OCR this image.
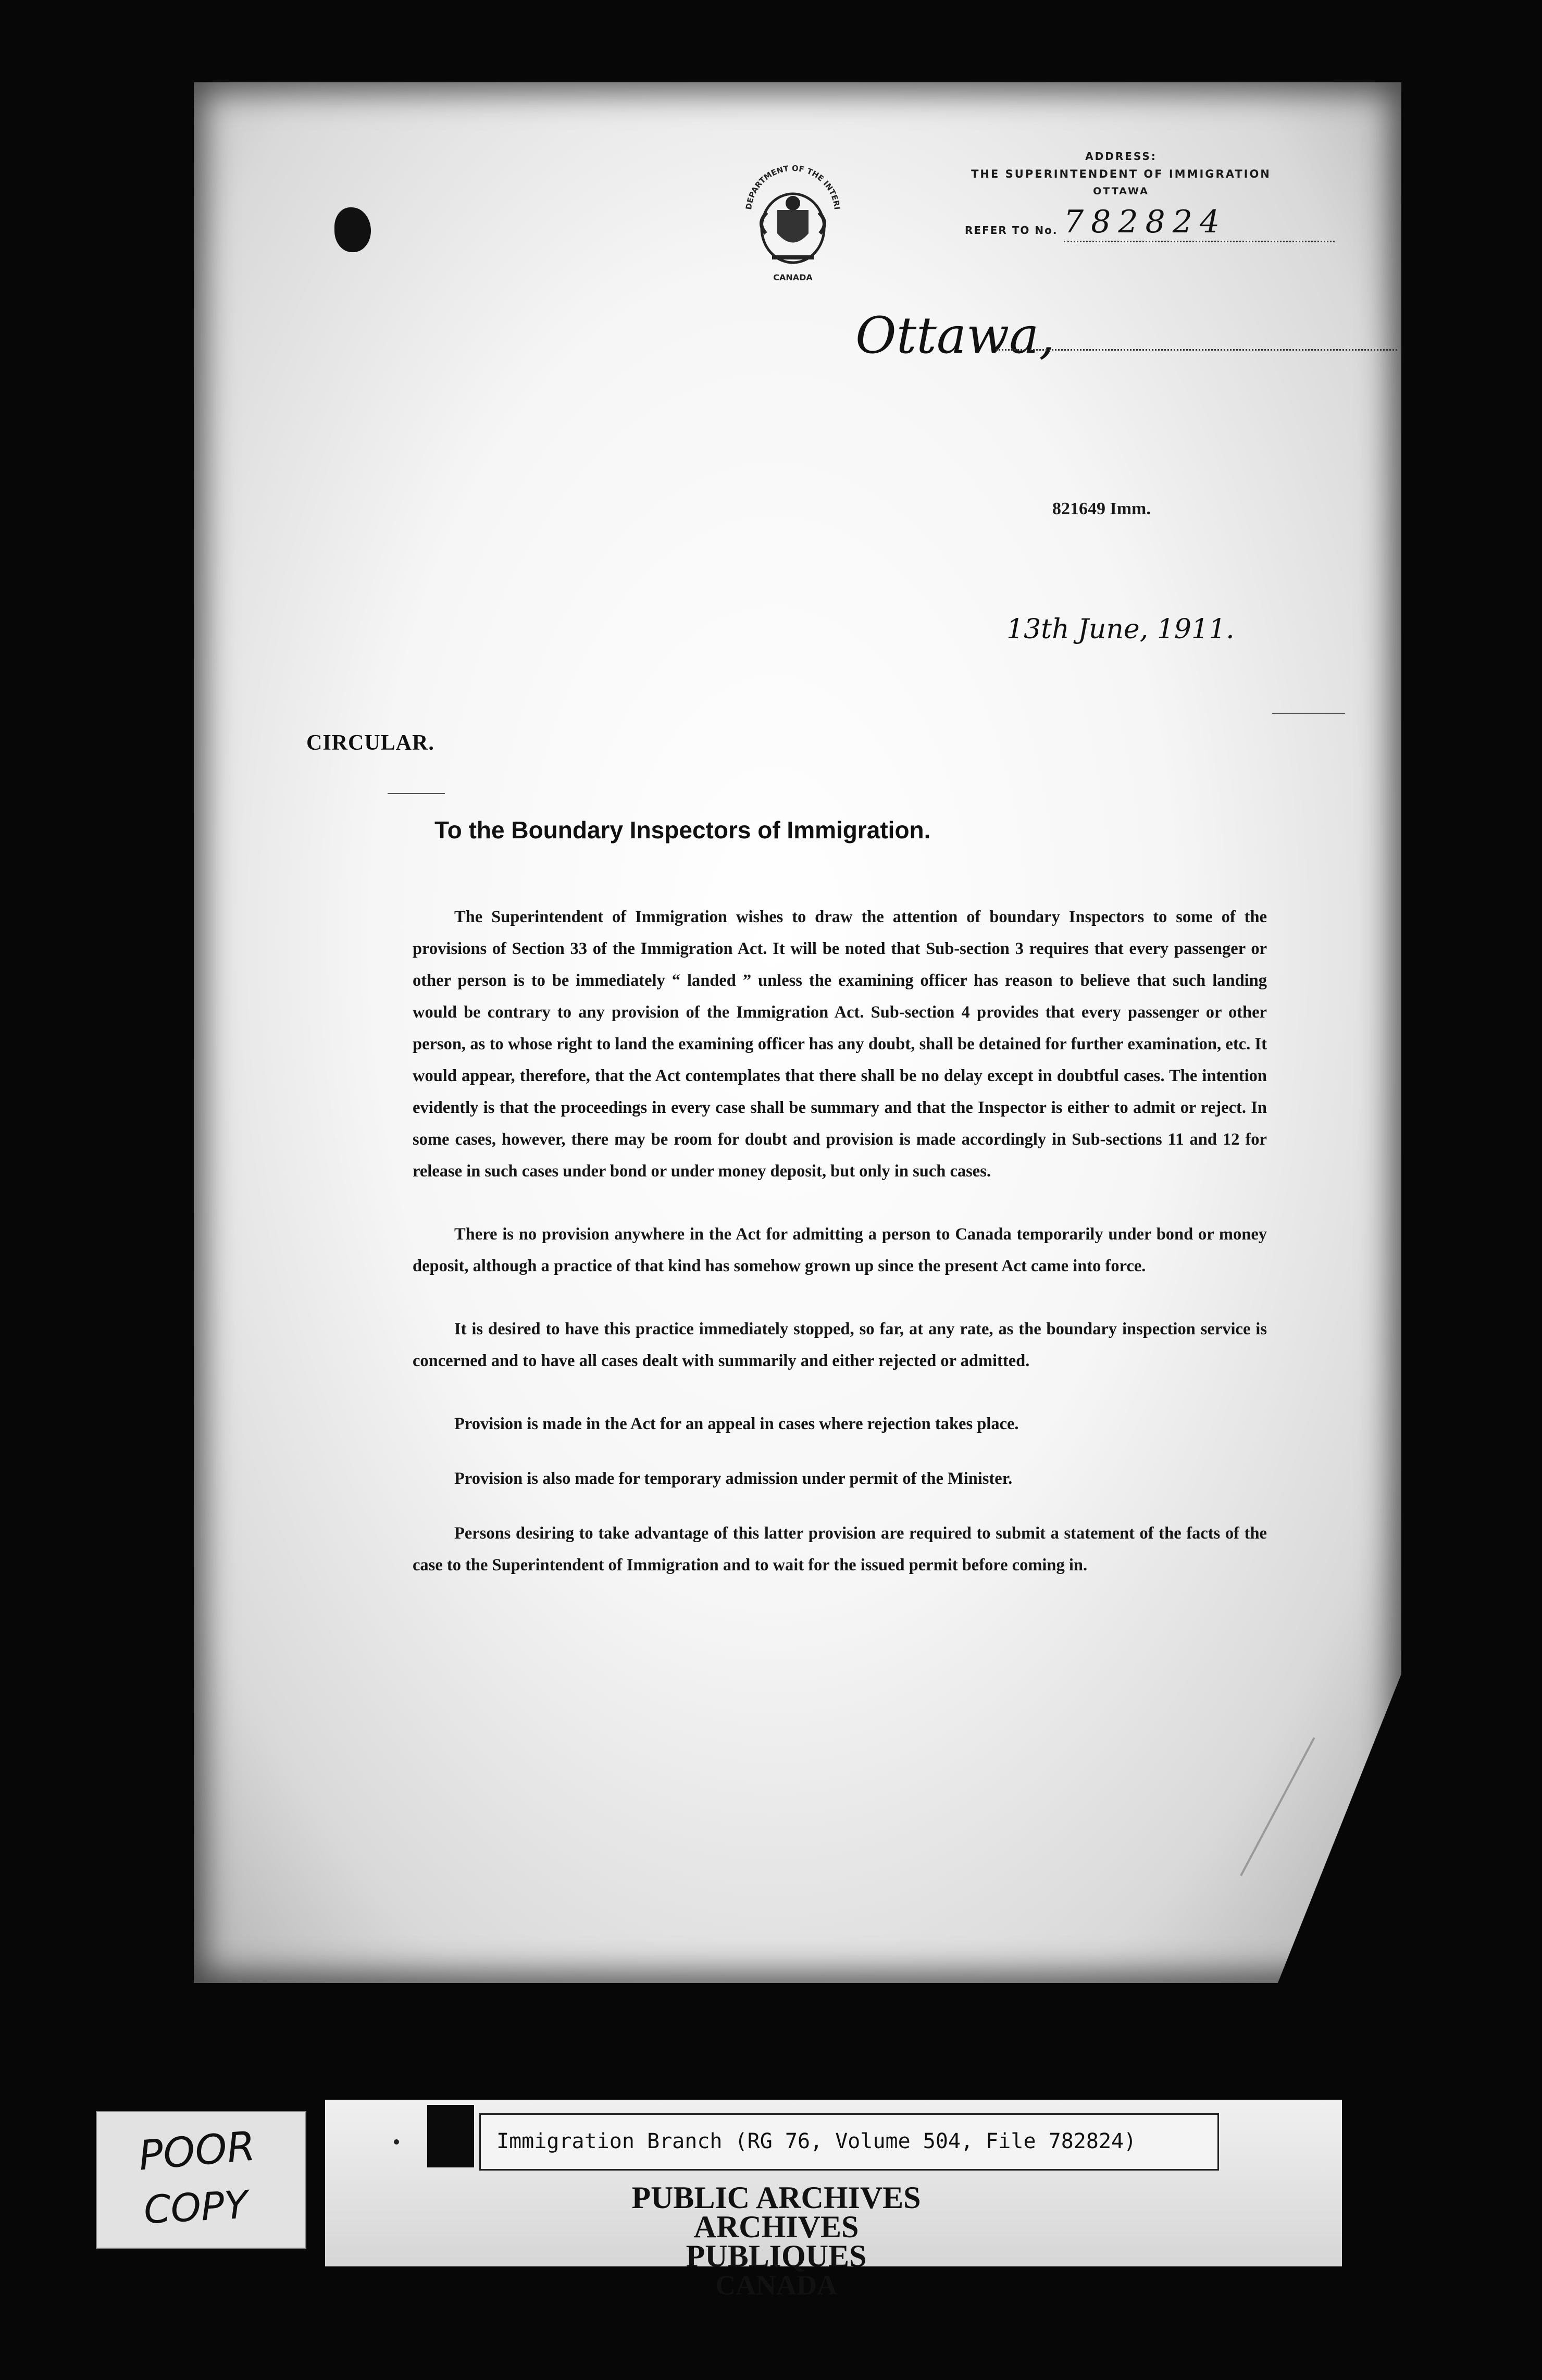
DEPARTMENT OF THE INTERI
CANADA
ADDRESS:
THE SUPERINTENDENT OF IMMIGRATION
OTTAWA
REFER TO No. 782824
Ottawa,
821649 Imm.
13th June, 1911.
CIRCULAR.
To the Boundary Inspectors of Immigration.

The Superintendent of Immigration wishes to draw the attention of boundary Inspectors to some of the provisions of Section 33 of the Immigration Act. It will be noted that Sub-section 3 requires that every passenger or other person is to be immediately “ landed ” unless the examining officer has reason to believe that such landing would be contrary to any provision of the Immigration Act. Sub-section 4 provides that every passenger or other person, as to whose right to land the examining officer has any doubt, shall be detained for further examination, etc. It would appear, therefore, that the Act contemplates that there shall be no delay except in doubtful cases. The intention evidently is that the proceedings in every case shall be summary and that the Inspector is either to admit or reject. In some cases, however, there may be room for doubt and provision is made accordingly in Sub-sections 11 and 12 for release in such cases under bond or under money deposit, but only in such cases.

There is no provision anywhere in the Act for admitting a person to Canada temporarily under bond or money deposit, although a practice of that kind has somehow grown up since the present Act came into force.

It is desired to have this practice immediately stopped, so far, at any rate, as the boundary inspection service is concerned and to have all cases dealt with summarily and either rejected or admitted.

Provision is made in the Act for an appeal in cases where rejection takes place.

Provision is also made for temporary admission under permit of the Minister.

Persons desiring to take advantage of this latter provision are required to submit a statement of the facts of the case to the Superintendent of Immigration and to wait for the issued permit before coming in.

POOR
COPY
Immigration Branch (RG 76, Volume 504, File 782824)
PUBLIC ARCHIVES
ARCHIVES PUBLIQUES
CANADA
